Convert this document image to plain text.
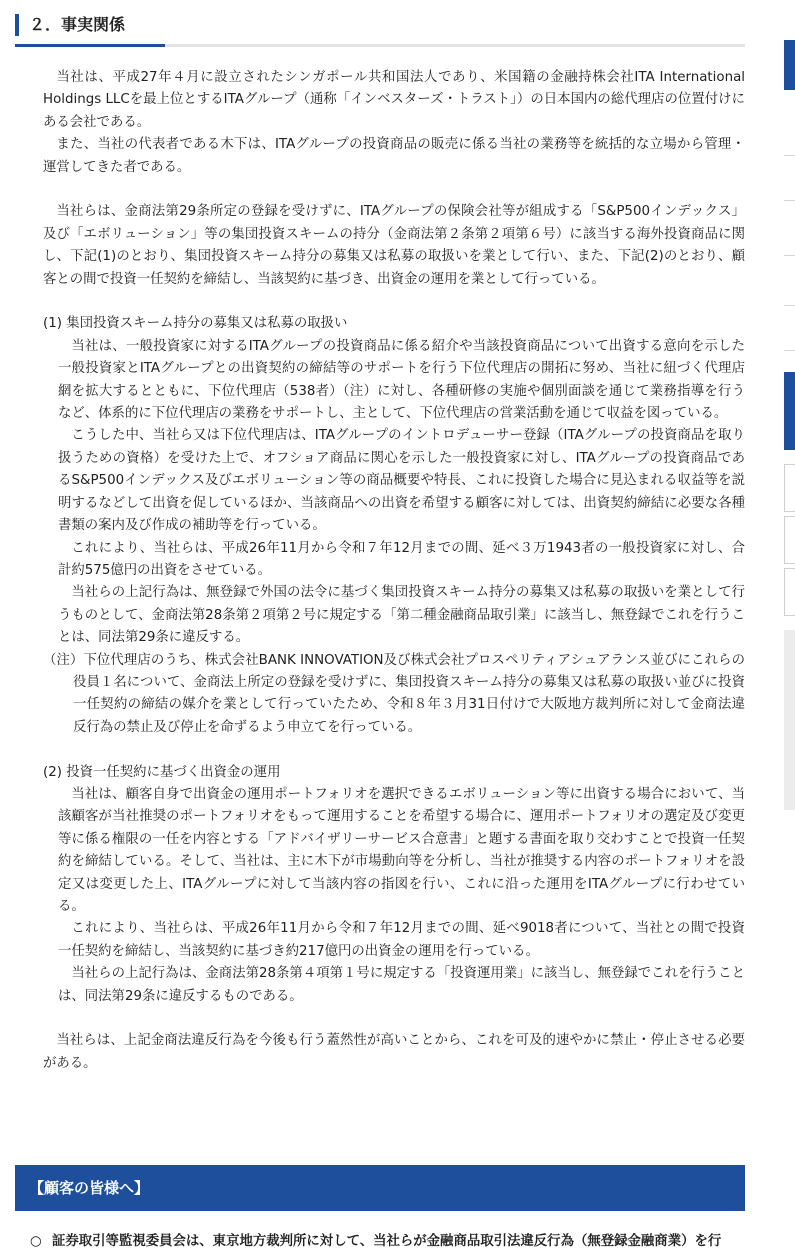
２．事実関係

当社は、平成27年４月に設立されたシンガポール共和国法人であり、米国籍の金融持株会社ITA International Holdings LLCを最上位とするITAグループ（通称「インベスターズ・トラスト」）の日本国内の総代理店の位置付けにある会社である。

また、当社の代表者である木下は、ITAグループの投資商品の販売に係る当社の業務等を統括的な立場から管理・運営してきた者である。

当社らは、金商法第29条所定の登録を受けずに、ITAグループの保険会社等が組成する「S&P500インデックス」及び「エボリューション」等の集団投資スキームの持分（金商法第２条第２項第６号）に該当する海外投資商品に関し、下記(1)のとおり、集団投資スキーム持分の募集又は私募の取扱いを業として行い、また、下記(2)のとおり、顧客との間で投資一任契約を締結し、当該契約に基づき、出資金の運用を業として行っている。

(1) 集団投資スキーム持分の募集又は私募の取扱い

当社は、一般投資家に対するITAグループの投資商品に係る紹介や当該投資商品について出資する意向を示した一般投資家とITAグループとの出資契約の締結等のサポートを行う下位代理店の開拓に努め、当社に紐づく代理店網を拡大するとともに、下位代理店（538者）（注）に対し、各種研修の実施や個別面談を通じて業務指導を行うなど、体系的に下位代理店の業務をサポートし、主として、下位代理店の営業活動を通じて収益を図っている。

こうした中、当社ら又は下位代理店は、ITAグループのイントロデューサー登録（ITAグループの投資商品を取り扱うための資格）を受けた上で、オフショア商品に関心を示した一般投資家に対し、ITAグループの投資商品であるS&P500インデックス及びエボリューション等の商品概要や特長、これに投資した場合に見込まれる収益等を説明するなどして出資を促しているほか、当該商品への出資を希望する顧客に対しては、出資契約締結に必要な各種書類の案内及び作成の補助等を行っている。

これにより、当社らは、平成26年11月から令和７年12月までの間、延べ３万1943者の一般投資家に対し、合計約575億円の出資をさせている。

当社らの上記行為は、無登録で外国の法令に基づく集団投資スキーム持分の募集又は私募の取扱いを業として行うものとして、金商法第28条第２項第２号に規定する「第二種金融商品取引業」に該当し、無登録でこれを行うことは、同法第29条に違反する。

（注）下位代理店のうち、株式会社BANK INNOVATION及び株式会社プロスペリティアシュアランス並びにこれらの役員１名について、金商法上所定の登録を受けずに、集団投資スキーム持分の募集又は私募の取扱い並びに投資一任契約の締結の媒介を業として行っていたため、令和８年３月31日付けで大阪地方裁判所に対して金商法違反行為の禁止及び停止を命ずるよう申立てを行っている。

(2) 投資一任契約に基づく出資金の運用

当社は、顧客自身で出資金の運用ポートフォリオを選択できるエボリューション等に出資する場合において、当該顧客が当社推奨のポートフォリオをもって運用することを希望する場合に、運用ポートフォリオの選定及び変更等に係る権限の一任を内容とする「アドバイザリーサービス合意書」と題する書面を取り交わすことで投資一任契約を締結している。そして、当社は、主に木下が市場動向等を分析し、当社が推奨する内容のポートフォリオを設定又は変更した上、ITAグループに対して当該内容の指図を行い、これに沿った運用をITAグループに行わせている。

これにより、当社らは、平成26年11月から令和７年12月までの間、延べ9018者について、当社との間で投資一任契約を締結し、当該契約に基づき約217億円の出資金の運用を行っている。

当社らの上記行為は、金商法第28条第４項第１号に規定する「投資運用業」に該当し、無登録でこれを行うことは、同法第29条に違反するものである。

当社らは、上記金商法違反行為を今後も行う蓋然性が高いことから、これを可及的速やかに禁止・停止させる必要がある。

【顧客の皆様へ】
○ 証券取引等監視委員会は、東京地方裁判所に対して、当社らが金融商品取引法違反行為（無登録金融商業）を行
